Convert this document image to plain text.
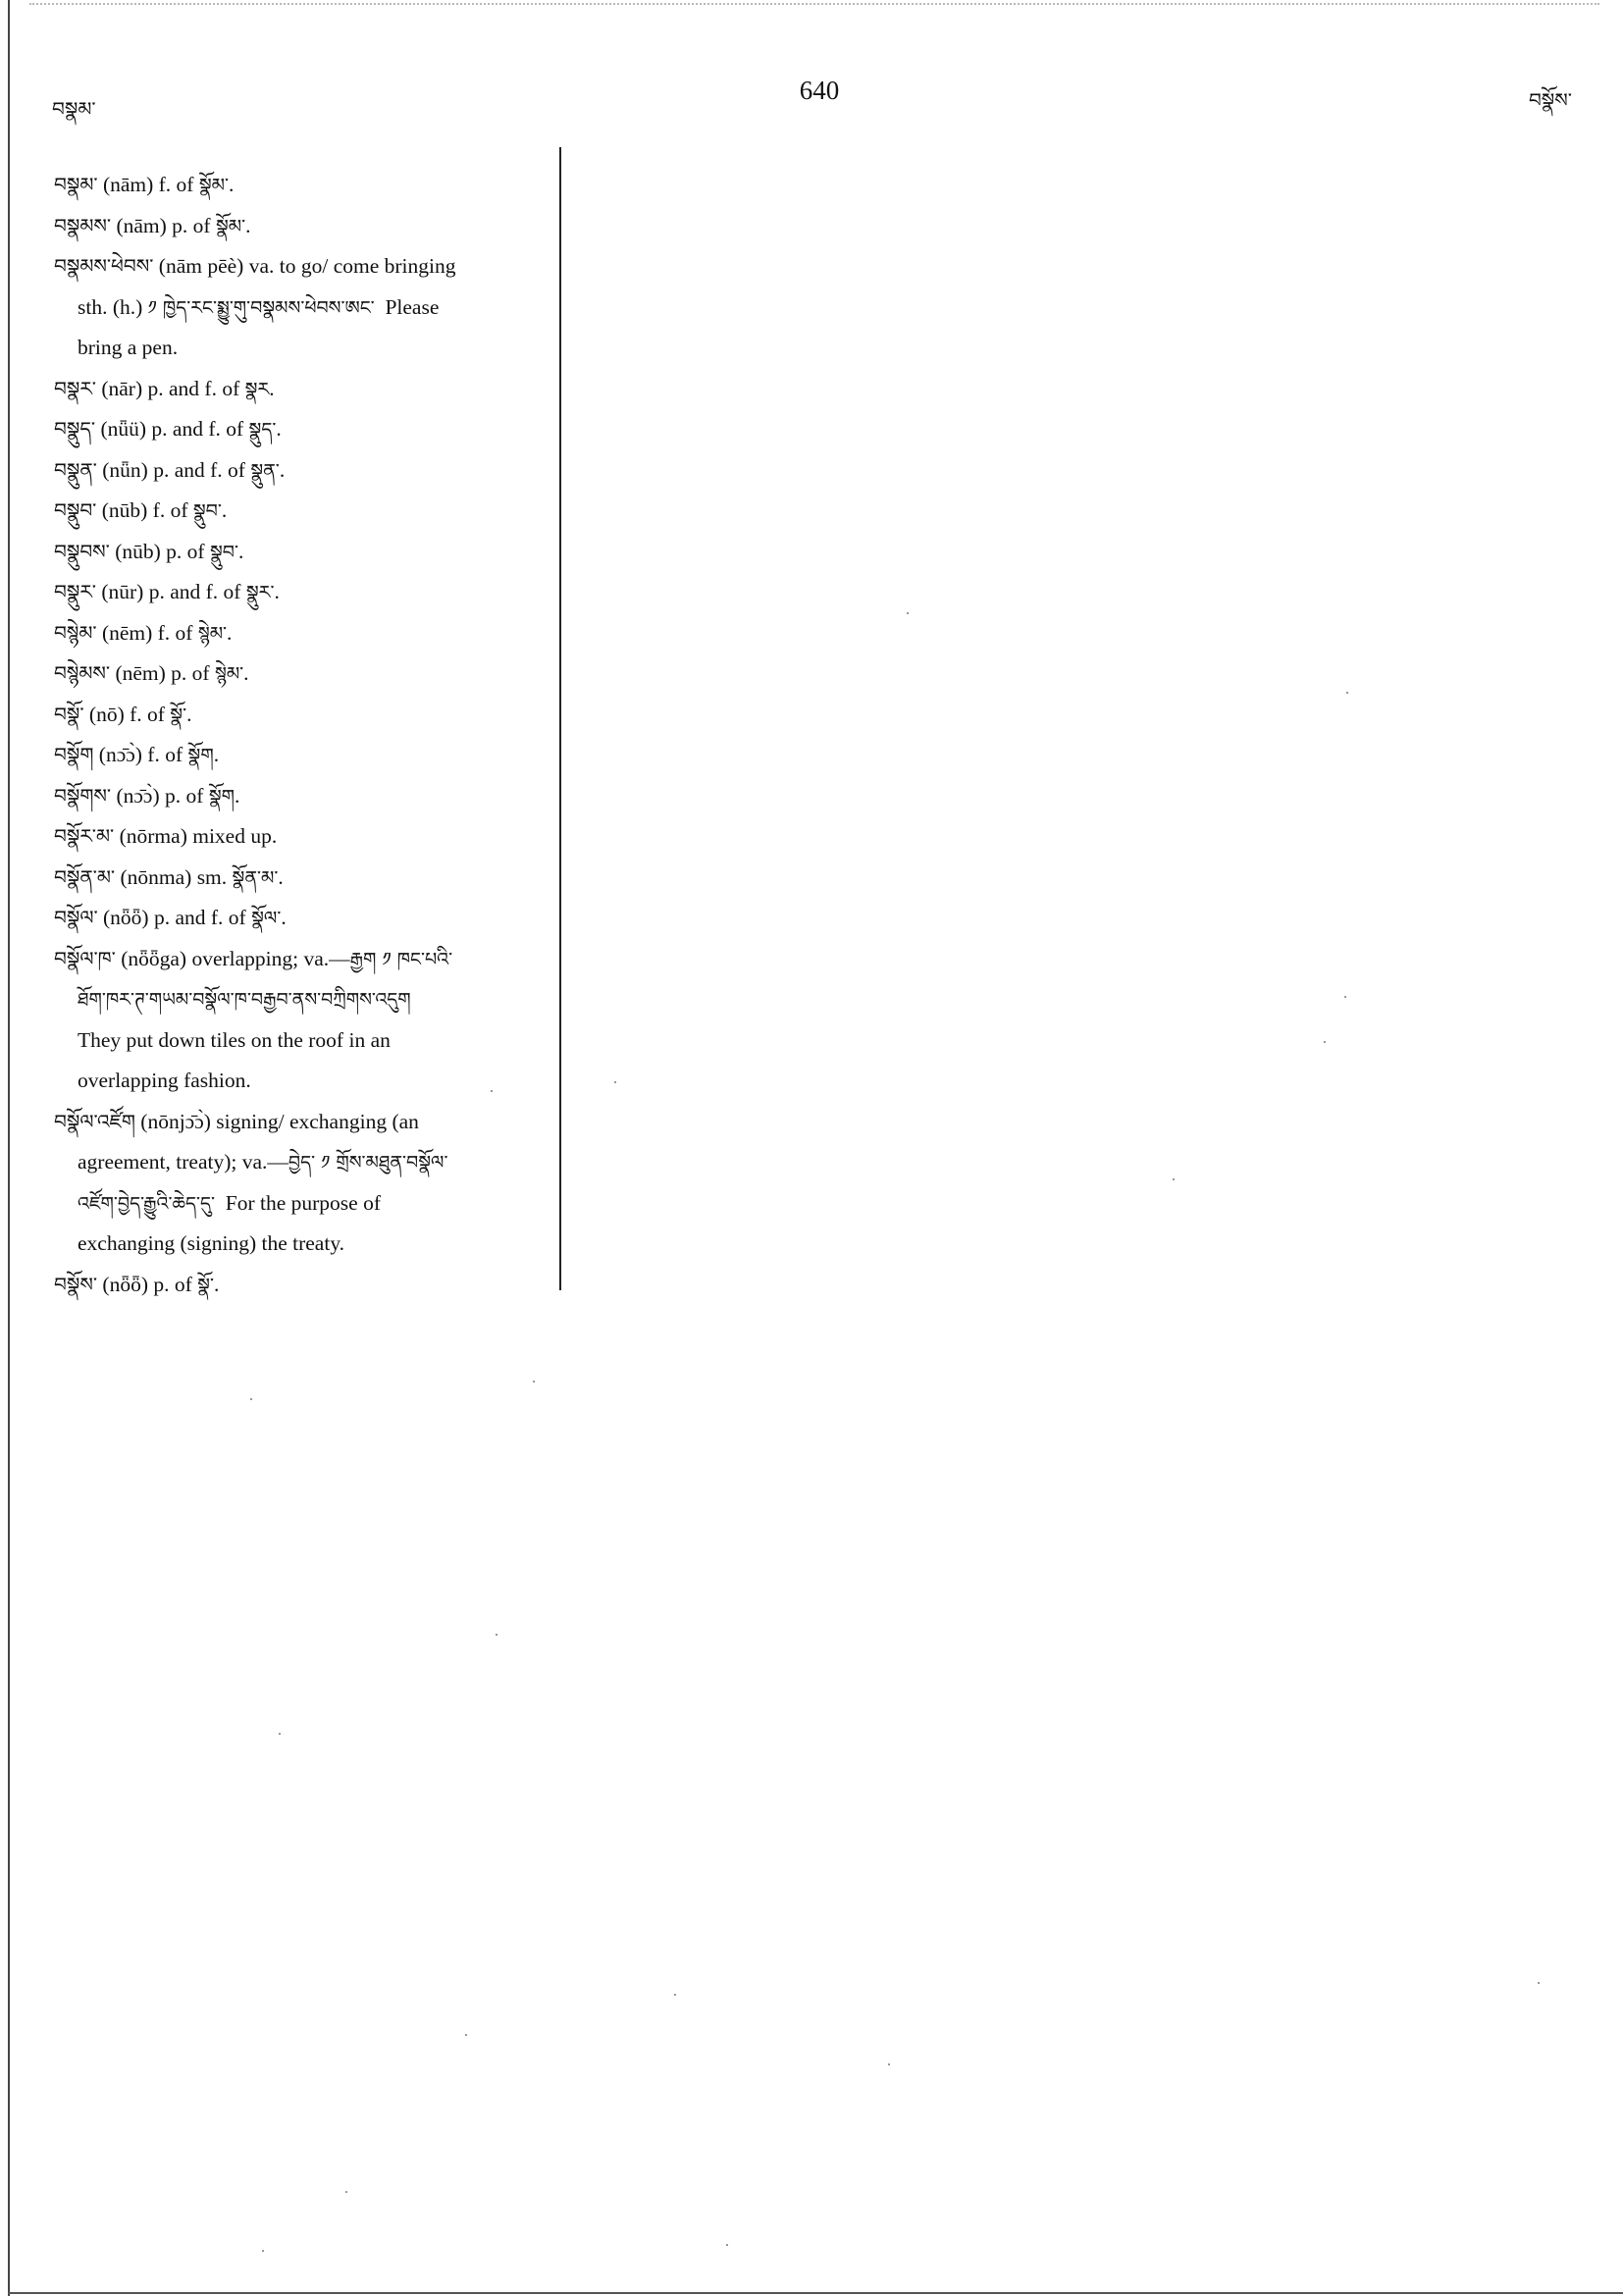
བསྣམ་
640	བསྣོས་
བསྣམ་ (nām) f. of སྣོམ་.
བསྣམས་ (nām) p. of སྣོམ་.
བསྣམས་ཕེབས་ (nām pēè) va. to go/ come bringing
sth. (h.) ༡ ཁྱེད་རང་སྨྱུ་གུ་བསྣམས་ཕེབས་ཨང་  Please
bring a pen.
བསྣར་ (nār) p. and f. of སྣར.
བསྣུད་ (nǖü) p. and f. of སྣུད་.
བསྣུན་ (nǖn) p. and f. of སྣུན་.
བསྣུབ་ (nūb) f. of སྣུབ་.
བསྣུབས་ (nūb) p. of སྣུབ་.
བསྣུར་ (nūr) p. and f. of སྣུར་.
བསྙེམ་ (nēm) f. of སྙེམ་.
བསྙེམས་ (nēm) p. of སྙེམ་.
བསྣོ་ (nō) f. of སྣོ་.
བསྣོག (nɔ̄ɔ̀) f. of སྣོག.
བསྣོགས་ (nɔ̄ɔ̀) p. of སྣོག.
བསྣོར་མ་ (nōrma) mixed up.
བསྣོན་མ་ (nōnma) sm. སྣོན་མ་.
བསྣོལ་ (nȫȫ) p. and f. of སྣོལ་.
བསྣོལ་ཁ་ (nȫȫga) overlapping; va.—རྒྱག ༡ ཁང་པའི་
ཐོག་ཁར་ཊ་གཡམ་བསྣོལ་ཁ་བརྒྱབ་ནས་བཀྲིགས་འདུག
They put down tiles on the roof in an
overlapping fashion.
བསྣོལ་འཛོག (nōnjɔ̄ɔ̀) signing/ exchanging (an
agreement, treaty); va.—བྱེད་ ༡ གྲོས་མཐུན་བསྣོལ་
འཛོག་བྱེད་རྒྱུའི་ཆེད་དུ་  For the purpose of
exchanging (signing) the treaty.
བསྣོས་ (nȫȫ) p. of སྣོ་.
